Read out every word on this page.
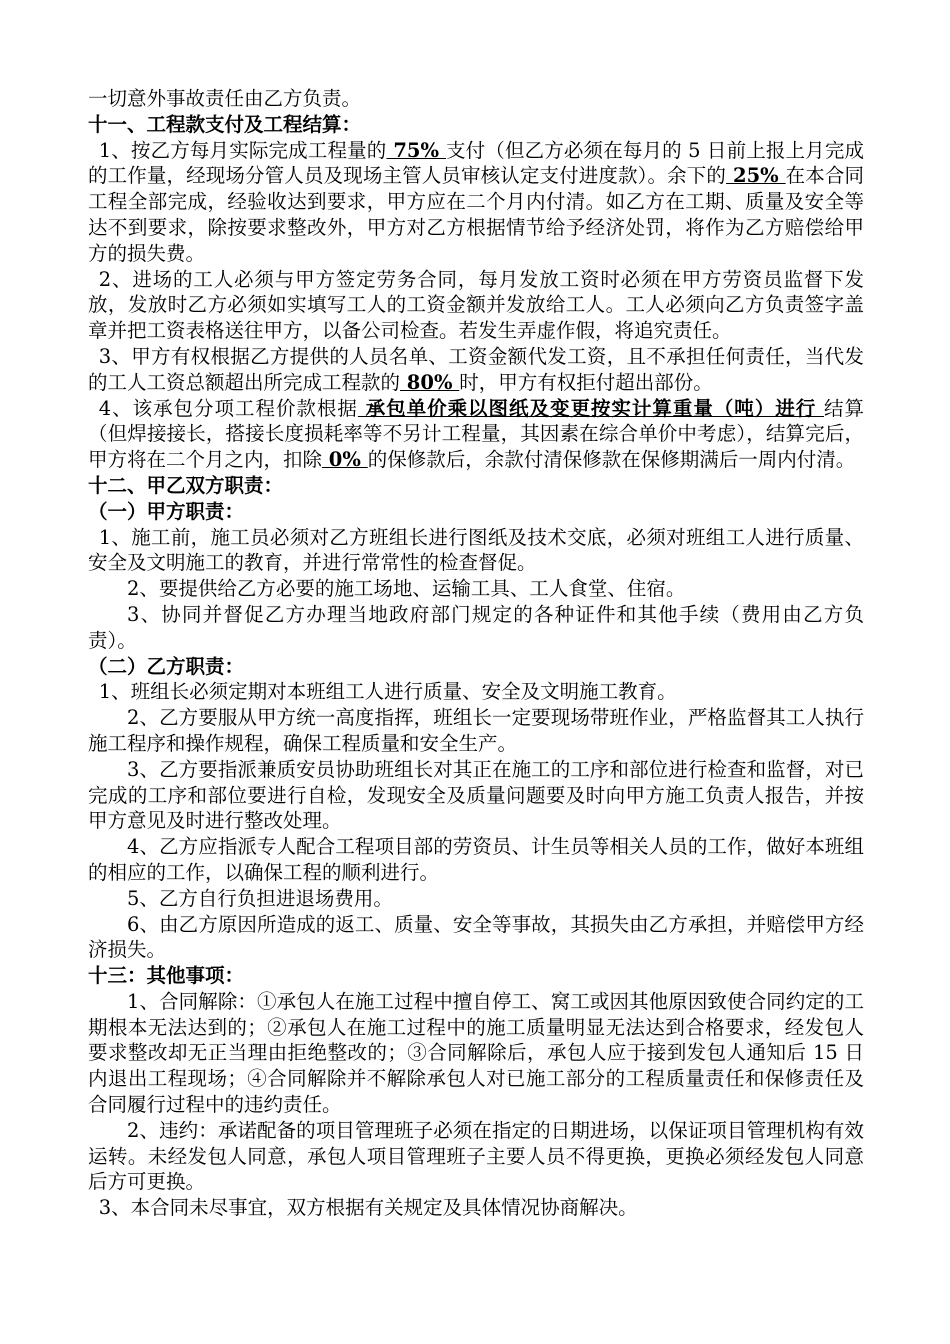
一切意外事故责任由乙方负责。

十一、工程款支付及工程结算：

1、按乙方每月实际完成工程量的 75% 支付（但乙方必须在每月的 5 日前上报上月完成的工作量，经现场分管人员及现场主管人员审核认定支付进度款）。余下的 25% 在本合同工程全部完成，经验收达到要求，甲方应在二个月内付清。如乙方在工期、质量及安全等达不到要求，除按要求整改外，甲方对乙方根据情节给予经济处罚，将作为乙方赔偿给甲方的损失费。

2、进场的工人必须与甲方签定劳务合同，每月发放工资时必须在甲方劳资员监督下发放，发放时乙方必须如实填写工人的工资金额并发放给工人。工人必须向乙方负责签字盖章并把工资表格送往甲方，以备公司检查。若发生弄虚作假，将追究责任。

3、甲方有权根据乙方提供的人员名单、工资金额代发工资，且不承担任何责任，当代发的工人工资总额超出所完成工程款的 80% 时，甲方有权拒付超出部份。

4、该承包分项工程价款根据 承包单价乘以图纸及变更按实计算重量（吨）进行 结算（但焊接接长，搭接长度损耗率等不另计工程量，其因素在综合单价中考虑），结算完后，甲方将在二个月之内，扣除 0% 的保修款后，余款付清保修款在保修期满后一周内付清。

十二、甲乙双方职责：

（一）甲方职责：

1、施工前，施工员必须对乙方班组长进行图纸及技术交底，必须对班组工人进行质量、安全及文明施工的教育，并进行常常性的检查督促。

2、要提供给乙方必要的施工场地、运输工具、工人食堂、住宿。

3、协同并督促乙方办理当地政府部门规定的各种证件和其他手续（费用由乙方负责）。

（二）乙方职责：

1、班组长必须定期对本班组工人进行质量、安全及文明施工教育。

2、乙方要服从甲方统一高度指挥，班组长一定要现场带班作业，严格监督其工人执行施工程序和操作规程，确保工程质量和安全生产。

3、乙方要指派兼质安员协助班组长对其正在施工的工序和部位进行检查和监督，对已完成的工序和部位要进行自检，发现安全及质量问题要及时向甲方施工负责人报告，并按甲方意见及时进行整改处理。

4、乙方应指派专人配合工程项目部的劳资员、计生员等相关人员的工作，做好本班组的相应的工作，以确保工程的顺利进行。

5、乙方自行负担进退场费用。

6、由乙方原因所造成的返工、质量、安全等事故，其损失由乙方承担，并赔偿甲方经济损失。

十三：其他事项：

1、合同解除：①承包人在施工过程中擅自停工、窝工或因其他原因致使合同约定的工期根本无法达到的；②承包人在施工过程中的施工质量明显无法达到合格要求，经发包人要求整改却无正当理由拒绝整改的；③合同解除后，承包人应于接到发包人通知后 15 日内退出工程现场；④合同解除并不解除承包人对已施工部分的工程质量责任和保修责任及合同履行过程中的违约责任。

2、违约：承诺配备的项目管理班子必须在指定的日期进场，以保证项目管理机构有效运转。未经发包人同意，承包人项目管理班子主要人员不得更换，更换必须经发包人同意后方可更换。

3、本合同未尽事宜，双方根据有关规定及具体情况协商解决。
